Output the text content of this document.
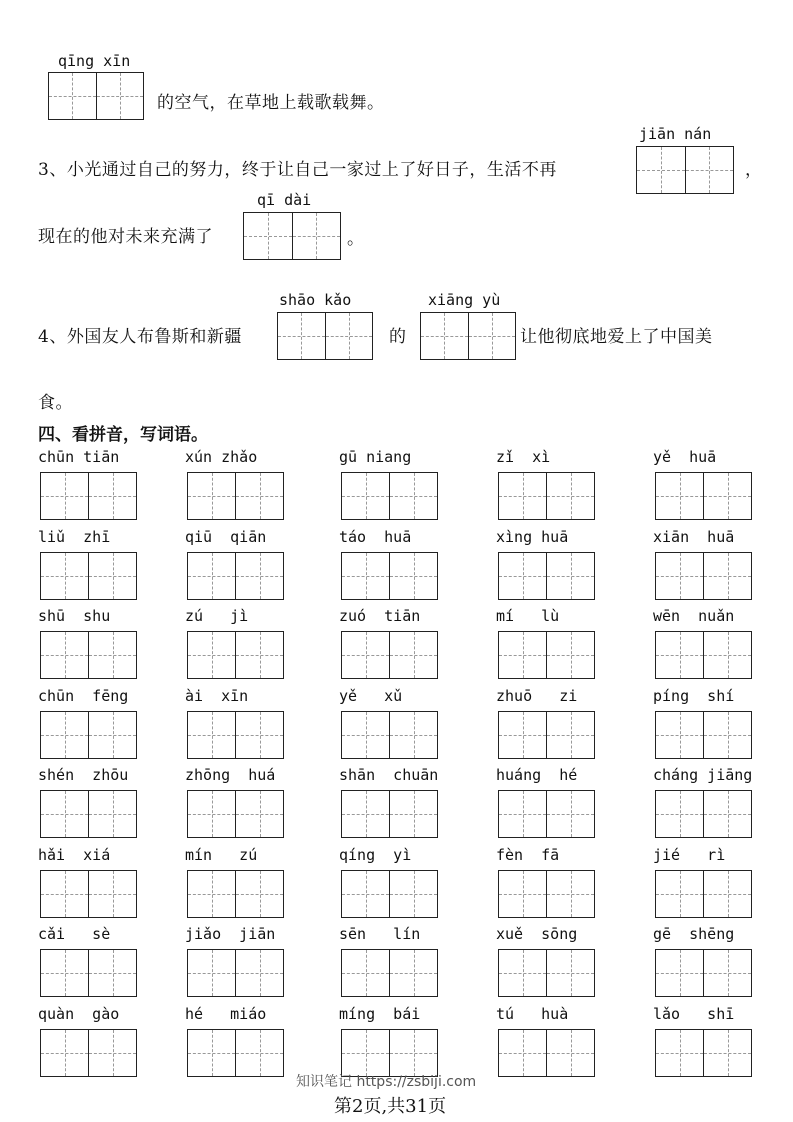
qīng xīn
的空气，在草地上载歌载舞。
jiān nán
3、小光通过自己的努力，终于让自己一家过上了好日子，生活不再	，
qī dài
现在的他对未来充满了	。
shāo kǎo	xiāng yù
4、外国友人布鲁斯和新疆	的	让他彻底地爱上了中国美
食。
四、看拼音，写词语。
chūn tiān	xún zhǎo	gū niang	zǐ  xì	yě  huā
liǔ  zhī	qiū  qiān	táo  huā	xìng huā	xiān  huā
shū  shu	zú   jì	zuó  tiān	mí   lù	wēn  nuǎn
chūn  fēng	ài  xīn	yě   xǔ	zhuō   zi	píng  shí
shén  zhōu	zhōng  huá	shān  chuān	huáng  hé	cháng jiāng
hǎi  xiá	mín   zú	qíng  yì	fèn  fā	jié   rì
cǎi   sè	jiǎo  jiān	sēn   lín	xuě  sōng	gē  shēng
quàn  gào	hé   miáo	míng  bái	tú   huà	lǎo   shī
知识笔记 https://zsbiji.com
第2页,共31页
